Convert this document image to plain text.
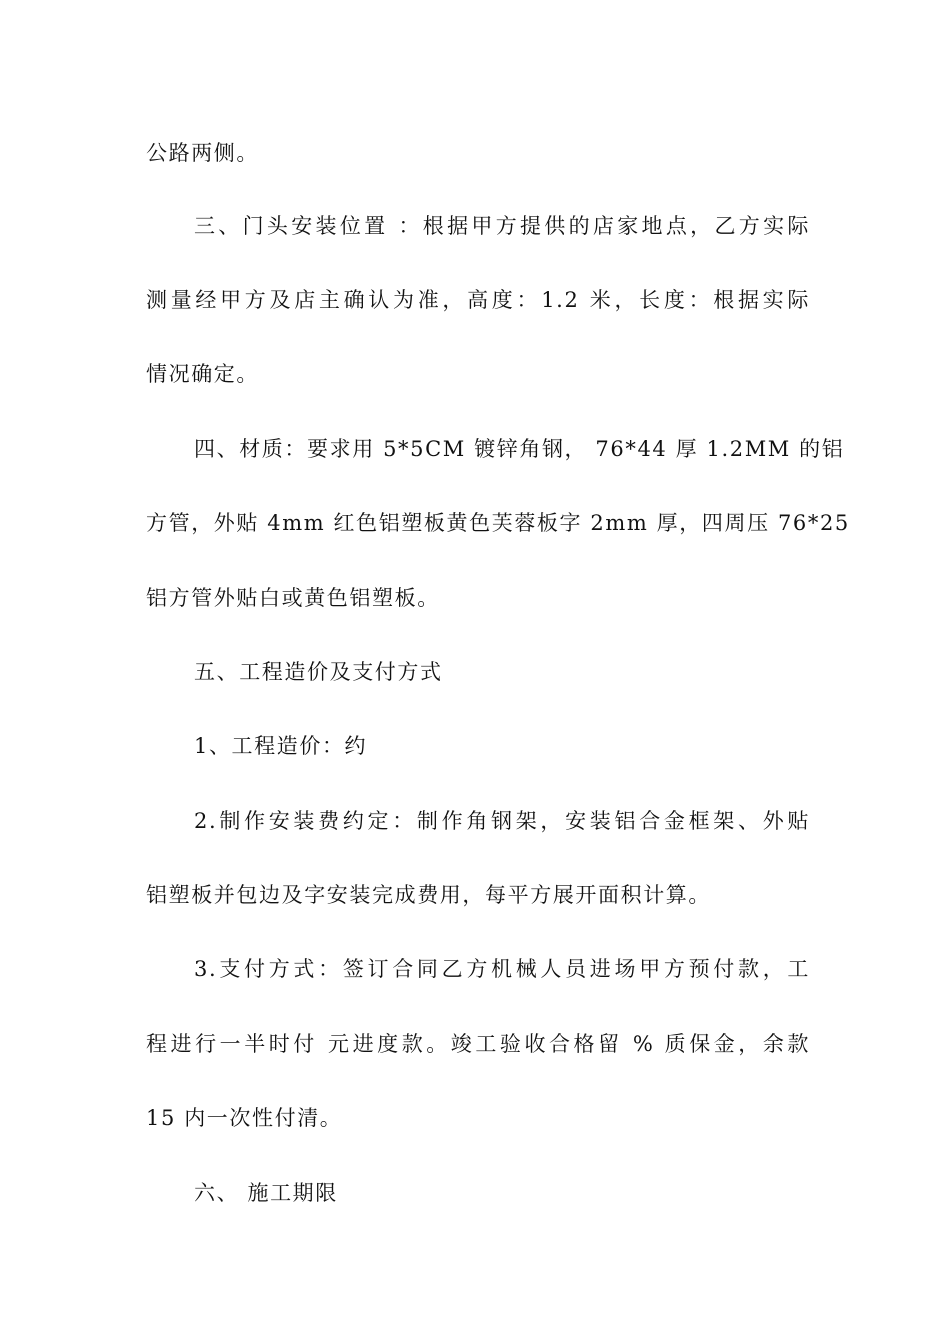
公路两侧。
三、门头安装位置 ：根据甲方提供的店家地点，乙方实际
测量经甲方及店主确认为准，高度：1.2 米，长度：根据实际
情况确定。
四、材质：要求用 5*5CM 镀锌角钢， 76*44 厚 1.2MM 的铝
方管，外贴 4mm 红色铝塑板黄色芙蓉板字 2mm 厚，四周压 76*25
铝方管外贴白或黄色铝塑板。
五、工程造价及支付方式
1、工程造价：约
2.制作安装费约定：制作角钢架，安装铝合金框架、外贴
铝塑板并包边及字安装完成费用，每平方展开面积计算。
3.支付方式：签订合同乙方机械人员进场甲方预付款，工
程进行一半时付 元进度款。竣工验收合格留 % 质保金，余款
15 内一次性付清。
六、 施工期限
